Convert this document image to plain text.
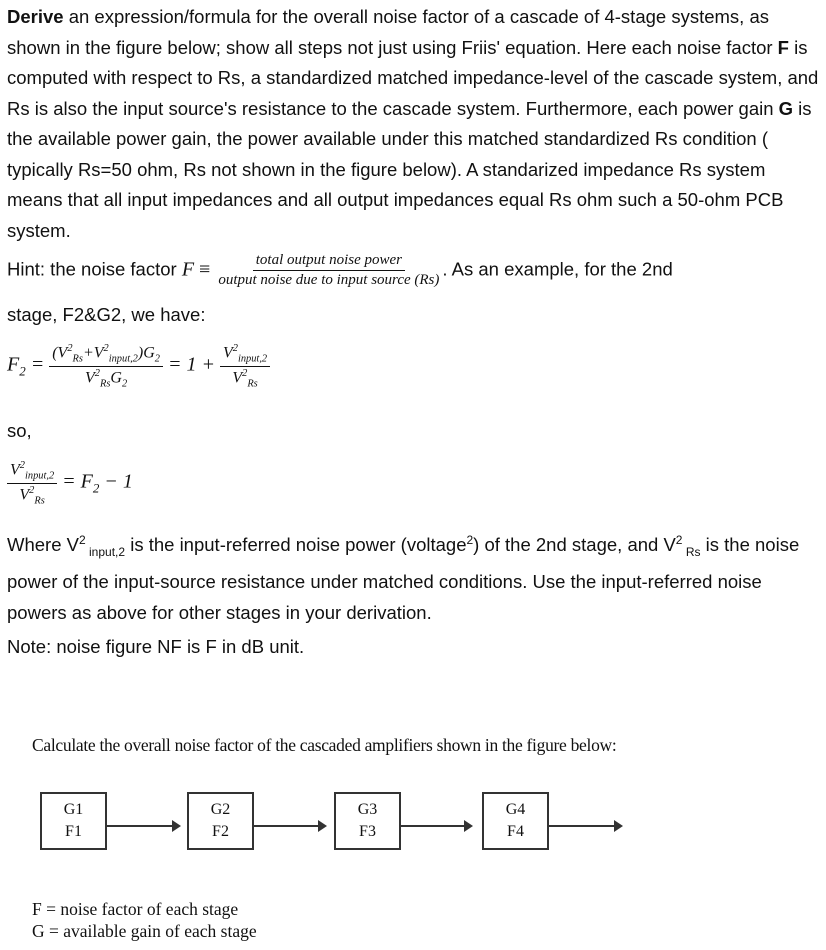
Derive an expression/formula for the overall noise factor of a cascade of 4-stage systems, as shown in the figure below; show all steps not just using Friis' equation. Here each noise factor F is computed with respect to Rs, a standardized matched impedance-level of the cascade system, and Rs is also the input source's resistance to the cascade system. Furthermore, each power gain G is the available power gain, the power available under this matched standardized Rs condition ( typically Rs=50 ohm, Rs not shown in the figure below). A standarized impedance Rs system means that all input impedances and all output impedances equal Rs ohm such a 50-ohm PCB system.
Hint: the noise factor $F \equiv \frac{\text{total output noise power}}{\text{output noise due to input source (Rs)}}$ . As an example, for the 2nd
stage, F2&G2, we have:
$F_2 = \frac{(V^2_{Rs}+V^2_{input,2})G_2}{V^2_{Rs}G_2} = 1 + \frac{V^2_{input,2}}{V^2_{Rs}}$
so,
$\frac{V^2_{input,2}}{V^2_{Rs}} = F_2 - 1$
Where $V^2$ $_{input,2}$ is the input-referred noise power (voltage$^2$) of the 2nd stage, and $V^2$ $_{Rs}$ is the noise power of the input-source resistance under matched conditions. Use the input-referred noise powers as above for other stages in your derivation.
Note: noise figure NF is F in dB unit.
Calculate the overall noise factor of the cascaded amplifiers shown in the figure below:
G1
F1
G2
F2
G3
F3
G4
F4
F = noise factor of each stage
G = available gain of each stage
